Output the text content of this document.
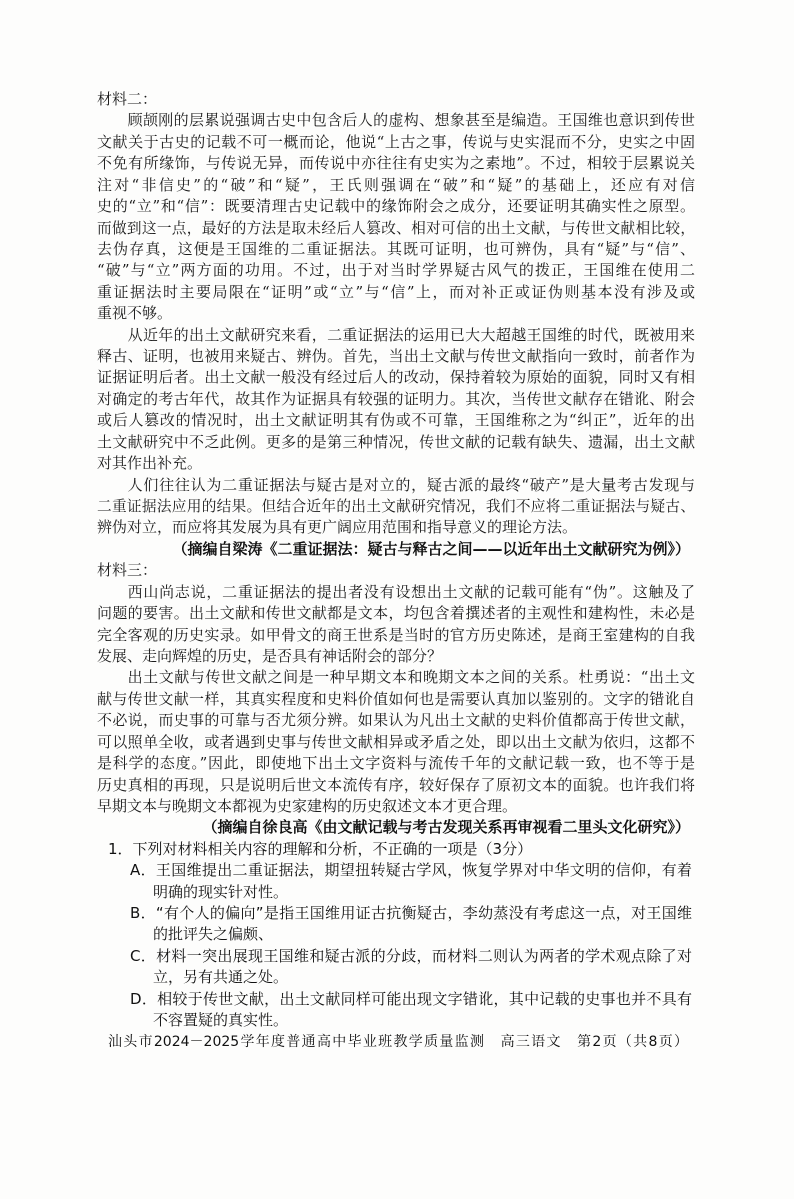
材料二：
顾颉刚的层累说强调古史中包含后人的虚构、想象甚至是编造。王国维也意识到传世
文献关于古史的记载不可一概而论，他说“上古之事，传说与史实混而不分，史实之中固
不免有所缘饰，与传说无异，而传说中亦往往有史实为之素地”。不过，相较于层累说关
注对“非信史”的“破”和“疑”，王氏则强调在“破”和“疑”的基础上，还应有对信
史的“立”和“信”：既要清理古史记载中的缘饰附会之成分，还要证明其确实性之原型。
而做到这一点，最好的方法是取未经后人篡改、相对可信的出土文献，与传世文献相比较，
去伪存真，这便是王国维的二重证据法。其既可证明，也可辨伪，具有“疑”与“信”、
“破”与“立”两方面的功用。不过，出于对当时学界疑古风气的拨正，王国维在使用二
重证据法时主要局限在“证明”或“立”与“信”上，而对补正或证伪则基本没有涉及或
重视不够。
从近年的出土文献研究来看，二重证据法的运用已大大超越王国维的时代，既被用来
释古、证明，也被用来疑古、辨伪。首先，当出土文献与传世文献指向一致时，前者作为
证据证明后者。出土文献一般没有经过后人的改动，保持着较为原始的面貌，同时又有相
对确定的考古年代，故其作为证据具有较强的证明力。其次，当传世文献存在错讹、附会
或后人篡改的情况时，出土文献证明其有伪或不可靠，王国维称之为“纠正”，近年的出
土文献研究中不乏此例。更多的是第三种情况，传世文献的记载有缺失、遗漏，出土文献
对其作出补充。
人们往往认为二重证据法与疑古是对立的，疑古派的最终“破产”是大量考古发现与
二重证据法应用的结果。但结合近年的出土文献研究情况，我们不应将二重证据法与疑古、
辨伪对立，而应将其发展为具有更广阔应用范围和指导意义的理论方法。
（摘编自梁涛《二重证据法：疑古与释古之间——以近年出土文献研究为例》）
材料三：
西山尚志说，二重证据法的提出者没有设想出土文献的记载可能有“伪”。这触及了
问题的要害。出土文献和传世文献都是文本，均包含着撰述者的主观性和建构性，未必是
完全客观的历史实录。如甲骨文的商王世系是当时的官方历史陈述，是商王室建构的自我
发展、走向辉煌的历史，是否具有神话附会的部分？
出土文献与传世文献之间是一种早期文本和晚期文本之间的关系。杜勇说：“出土文
献与传世文献一样，其真实程度和史料价值如何也是需要认真加以鉴别的。文字的错讹自
不必说，而史事的可靠与否尤须分辨。如果认为凡出土文献的史料价值都高于传世文献，
可以照单全收，或者遇到史事与传世文献相异或矛盾之处，即以出土文献为依归，这都不
是科学的态度。”因此，即使地下出土文字资料与流传千年的文献记载一致，也不等于是
历史真相的再现，只是说明后世文本流传有序，较好保存了原初文本的面貌。也许我们将
早期文本与晚期文本都视为史家建构的历史叙述文本才更合理。
（摘编自徐良高《由文献记载与考古发现关系再审视看二里头文化研究》）
1．下列对材料相关内容的理解和分析，不正确的一项是（3分）
A．王国维提出二重证据法，期望扭转疑古学风，恢复学界对中华文明的信仰，有着
明确的现实针对性。
B．“有个人的偏向”是指王国维用证古抗衡疑古，李幼蒸没有考虑这一点，对王国维
的批评失之偏颇、
C．材料一突出展现王国维和疑古派的分歧，而材料二则认为两者的学术观点除了对
立，另有共通之处。
D．相较于传世文献，出土文献同样可能出现文字错讹，其中记载的史事也并不具有
不容置疑的真实性。
汕头市2024－2025学年度普通高中毕业班教学质量监测　高三语文　第2页（共8页）
